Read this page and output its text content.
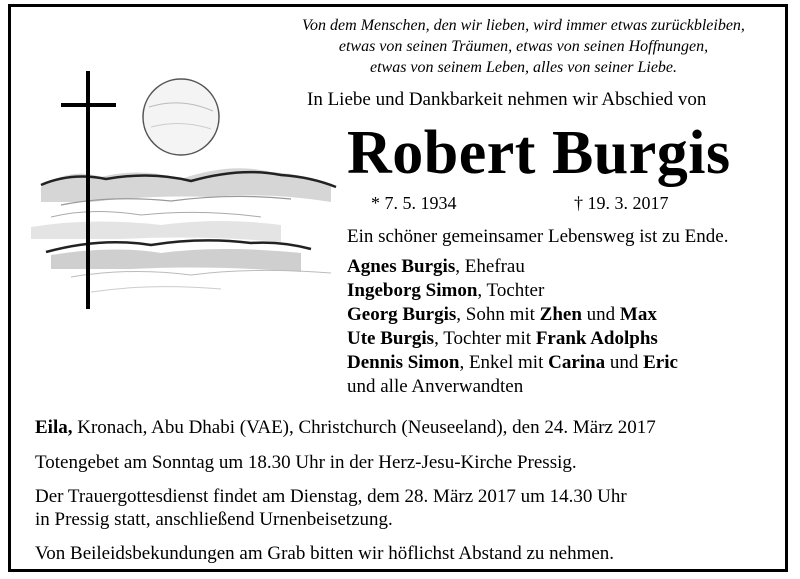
Von dem Menschen, den wir lieben, wird immer etwas zurückbleiben,
etwas von seinen Träumen, etwas von seinen Hoffnungen,
etwas von seinem Leben, alles von seiner Liebe.
In Liebe und Dankbarkeit nehmen wir Abschied von
Robert Burgis
* 7. 5. 1934	† 19. 3. 2017
Ein schöner gemeinsamer Lebensweg ist zu Ende.
Agnes Burgis, Ehefrau
Ingeborg Simon, Tochter
Georg Burgis, Sohn mit Zhen und Max
Ute Burgis, Tochter mit Frank Adolphs
Dennis Simon, Enkel mit Carina und Eric
und alle Anverwandten
Eila, Kronach, Abu Dhabi (VAE), Christchurch (Neuseeland), den 24. März 2017
Totengebet am Sonntag um 18.30 Uhr in der Herz-Jesu-Kirche Pressig.
Der Trauergottesdienst findet am Dienstag, dem 28. März 2017 um 14.30 Uhr
in Pressig statt, anschließend Urnenbeisetzung.
Von Beileidsbekundungen am Grab bitten wir höflichst Abstand zu nehmen.
